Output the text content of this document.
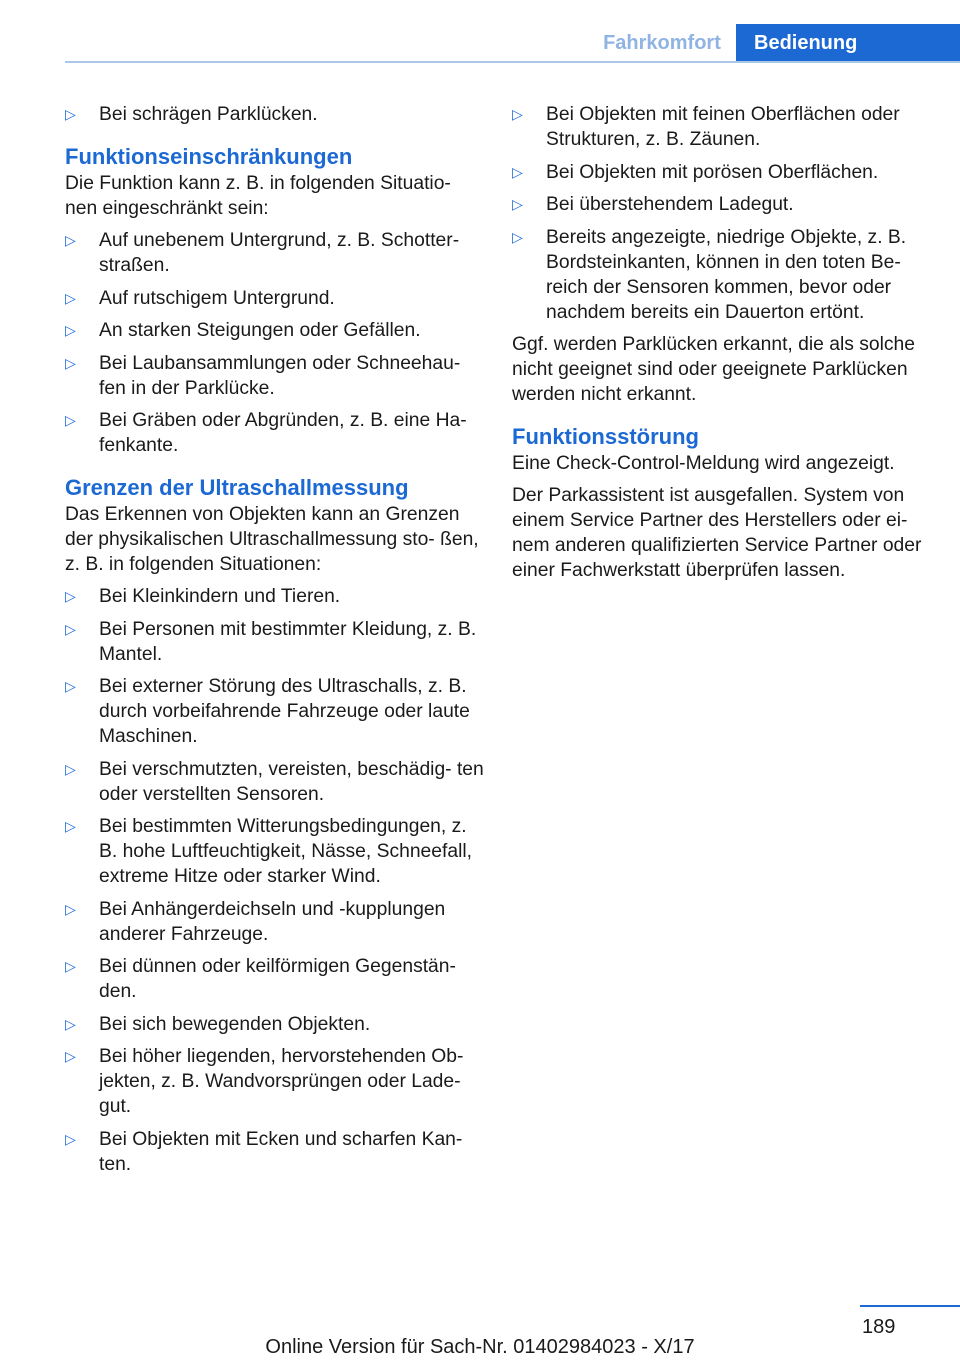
Fahrkomfort	Bedienung
▷ Bei schrägen Parklücken.
Funktionseinschränkungen

Die Funktion kann z. B. in folgenden Situatio‐ nen eingeschränkt sein:

▷ Auf unebenem Untergrund, z. B. Schotter‐ straßen.
▷ Auf rutschigem Untergrund.
▷ An starken Steigungen oder Gefällen.
▷ Bei Laubansammlungen oder Schneehau‐ fen in der Parklücke.
▷ Bei Gräben oder Abgründen, z. B. eine Ha‐ fenkante.
Grenzen der Ultraschallmessung

Das Erkennen von Objekten kann an Grenzen der physikalischen Ultraschallmessung sto‐ ßen, z. B. in folgenden Situationen:

▷ Bei Kleinkindern und Tieren.
▷ Bei Personen mit bestimmter Kleidung, z. B. Mantel.
▷ Bei externer Störung des Ultraschalls, z. B. durch vorbeifahrende Fahrzeuge oder laute Maschinen.
▷ Bei verschmutzten, vereisten, beschädig‐ ten oder verstellten Sensoren.
▷ Bei bestimmten Witterungsbedingungen, z. B. hohe Luftfeuchtigkeit, Nässe, Schneefall, extreme Hitze oder starker Wind.
▷ Bei Anhängerdeichseln und -kupplungen anderer Fahrzeuge.
▷ Bei dünnen oder keilförmigen Gegenstän‐ den.
▷ Bei sich bewegenden Objekten.
▷ Bei höher liegenden, hervorstehenden Ob‐ jekten, z. B. Wandvorsprüngen oder Lade‐ gut.
▷ Bei Objekten mit Ecken und scharfen Kan‐ ten.
▷ Bei Objekten mit feinen Oberflächen oder Strukturen, z. B. Zäunen.
▷ Bei Objekten mit porösen Oberflächen.
▷ Bei überstehendem Ladegut.
▷ Bereits angezeigte, niedrige Objekte, z. B. Bordsteinkanten, können in den toten Be‐ reich der Sensoren kommen, bevor oder nachdem bereits ein Dauerton ertönt.

Ggf. werden Parklücken erkannt, die als solche nicht geeignet sind oder geeignete Parklücken werden nicht erkannt.

Funktionsstörung

Eine Check-Control-Meldung wird angezeigt.

Der Parkassistent ist ausgefallen. System von einem Service Partner des Herstellers oder ei‐ nem anderen qualifizierten Service Partner oder einer Fachwerkstatt überprüfen lassen.

189
Online Version für Sach-Nr. 01402984023 - X/17
